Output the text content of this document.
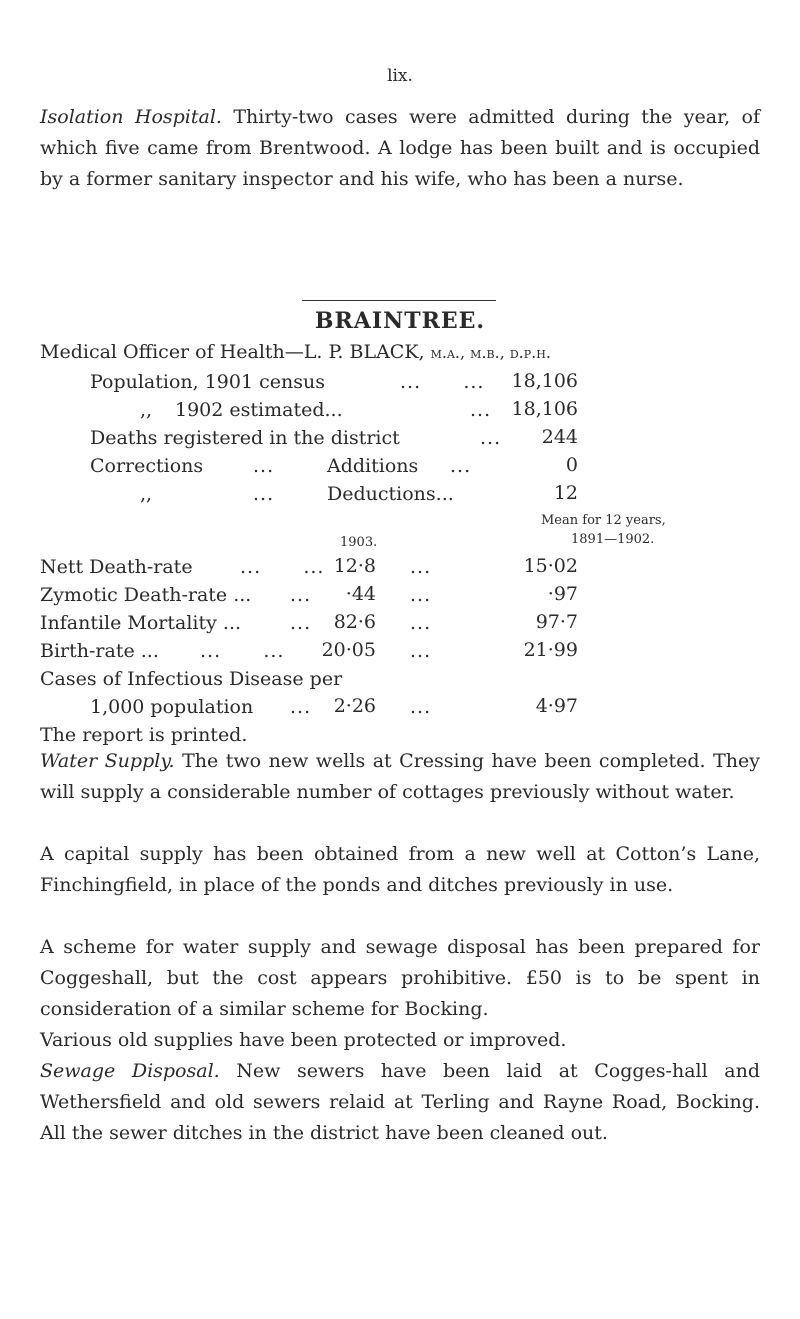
lix.
Isolation Hospital. Thirty-two cases were admitted during the year, of which five came from Brentwood. A lodge has been built and is occupied by a former sanitary inspector and his wife, who has been a nurse.
BRAINTREE.
Medical Officer of Health—L. P. BLACK, m.a., m.b., d.p.h.
Population, 1901 census	...      ... 18,106
,, 1902 estimated...	... 18,106
Deaths registered in the district	... 244
Corrections	...	Additions ...	0
,,	...	Deductions...	12
1903.
Mean for 12 years,
1891—1902.
Nett Death-rate ...      ... 12·8 ...	15·02
Zymotic Death-rate ... ... ·44 ...	·97
Infantile Mortality ...	... 82·6 ...	97·7
Birth-rate ... ...      ... 20·05 ...	21·99
Cases of Infectious Disease per
1,000 population ... 2·26 ...	4·97
The report is printed.
Water Supply. The two new wells at Cressing have been completed. They will supply a considerable number of cottages previously without water.
A capital supply has been obtained from a new well at Cotton’s Lane, Finchingfield, in place of the ponds and ditches previously in use.
A scheme for water supply and sewage disposal has been prepared for Coggeshall, but the cost appears prohibitive. £50 is to be spent in consideration of a similar scheme for Bocking.
Various old supplies have been protected or improved.
Sewage Disposal. New sewers have been laid at Cogges-hall and Wethersfield and old sewers relaid at Terling and Rayne Road, Bocking. All the sewer ditches in the district have been cleaned out.
